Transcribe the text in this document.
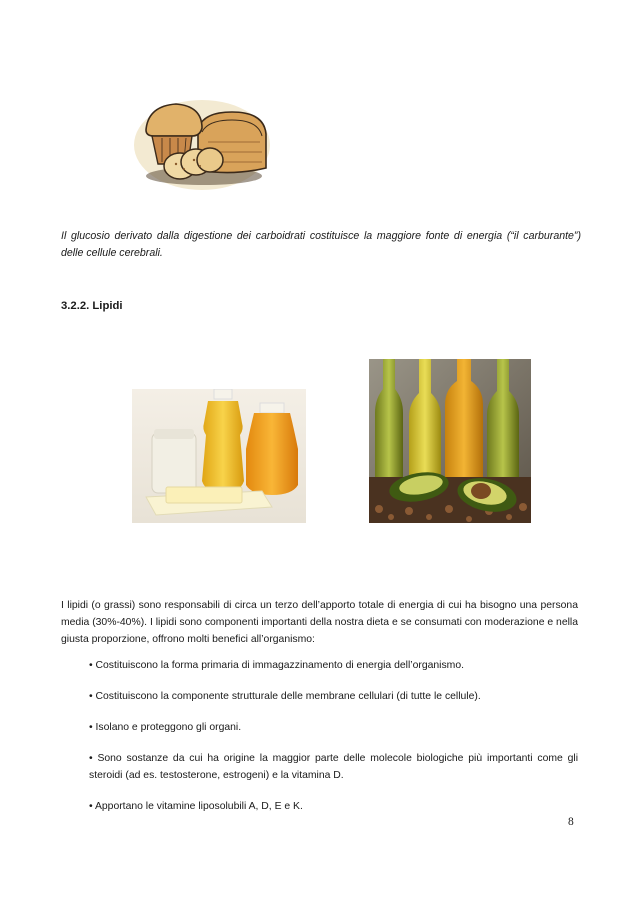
Il glucosio derivato dalla digestione dei carboidrati costituisce la maggiore fonte di energia (“il carburante”) delle cellule cerebrali.
3.2.2. Lipidi
I lipidi (o grassi) sono responsabili di circa un terzo dell’apporto totale di energia di cui ha bisogno una persona media (30%-40%). I lipidi sono componenti importanti della nostra dieta e se consumati con moderazione e nella giusta proporzione, offrono molti benefici all’organismo:
• Costituiscono la forma primaria di immagazzinamento di energia dell’organismo.
• Costituiscono la componente strutturale delle membrane cellulari (di tutte le cellule).
• Isolano e proteggono gli organi.
• Sono sostanze da cui ha origine la maggior parte delle molecole biologiche più importanti come gli steroidi (ad es. testosterone, estrogeni) e la vitamina D.
• Apportano le vitamine liposolubili A, D, E e K.
8
